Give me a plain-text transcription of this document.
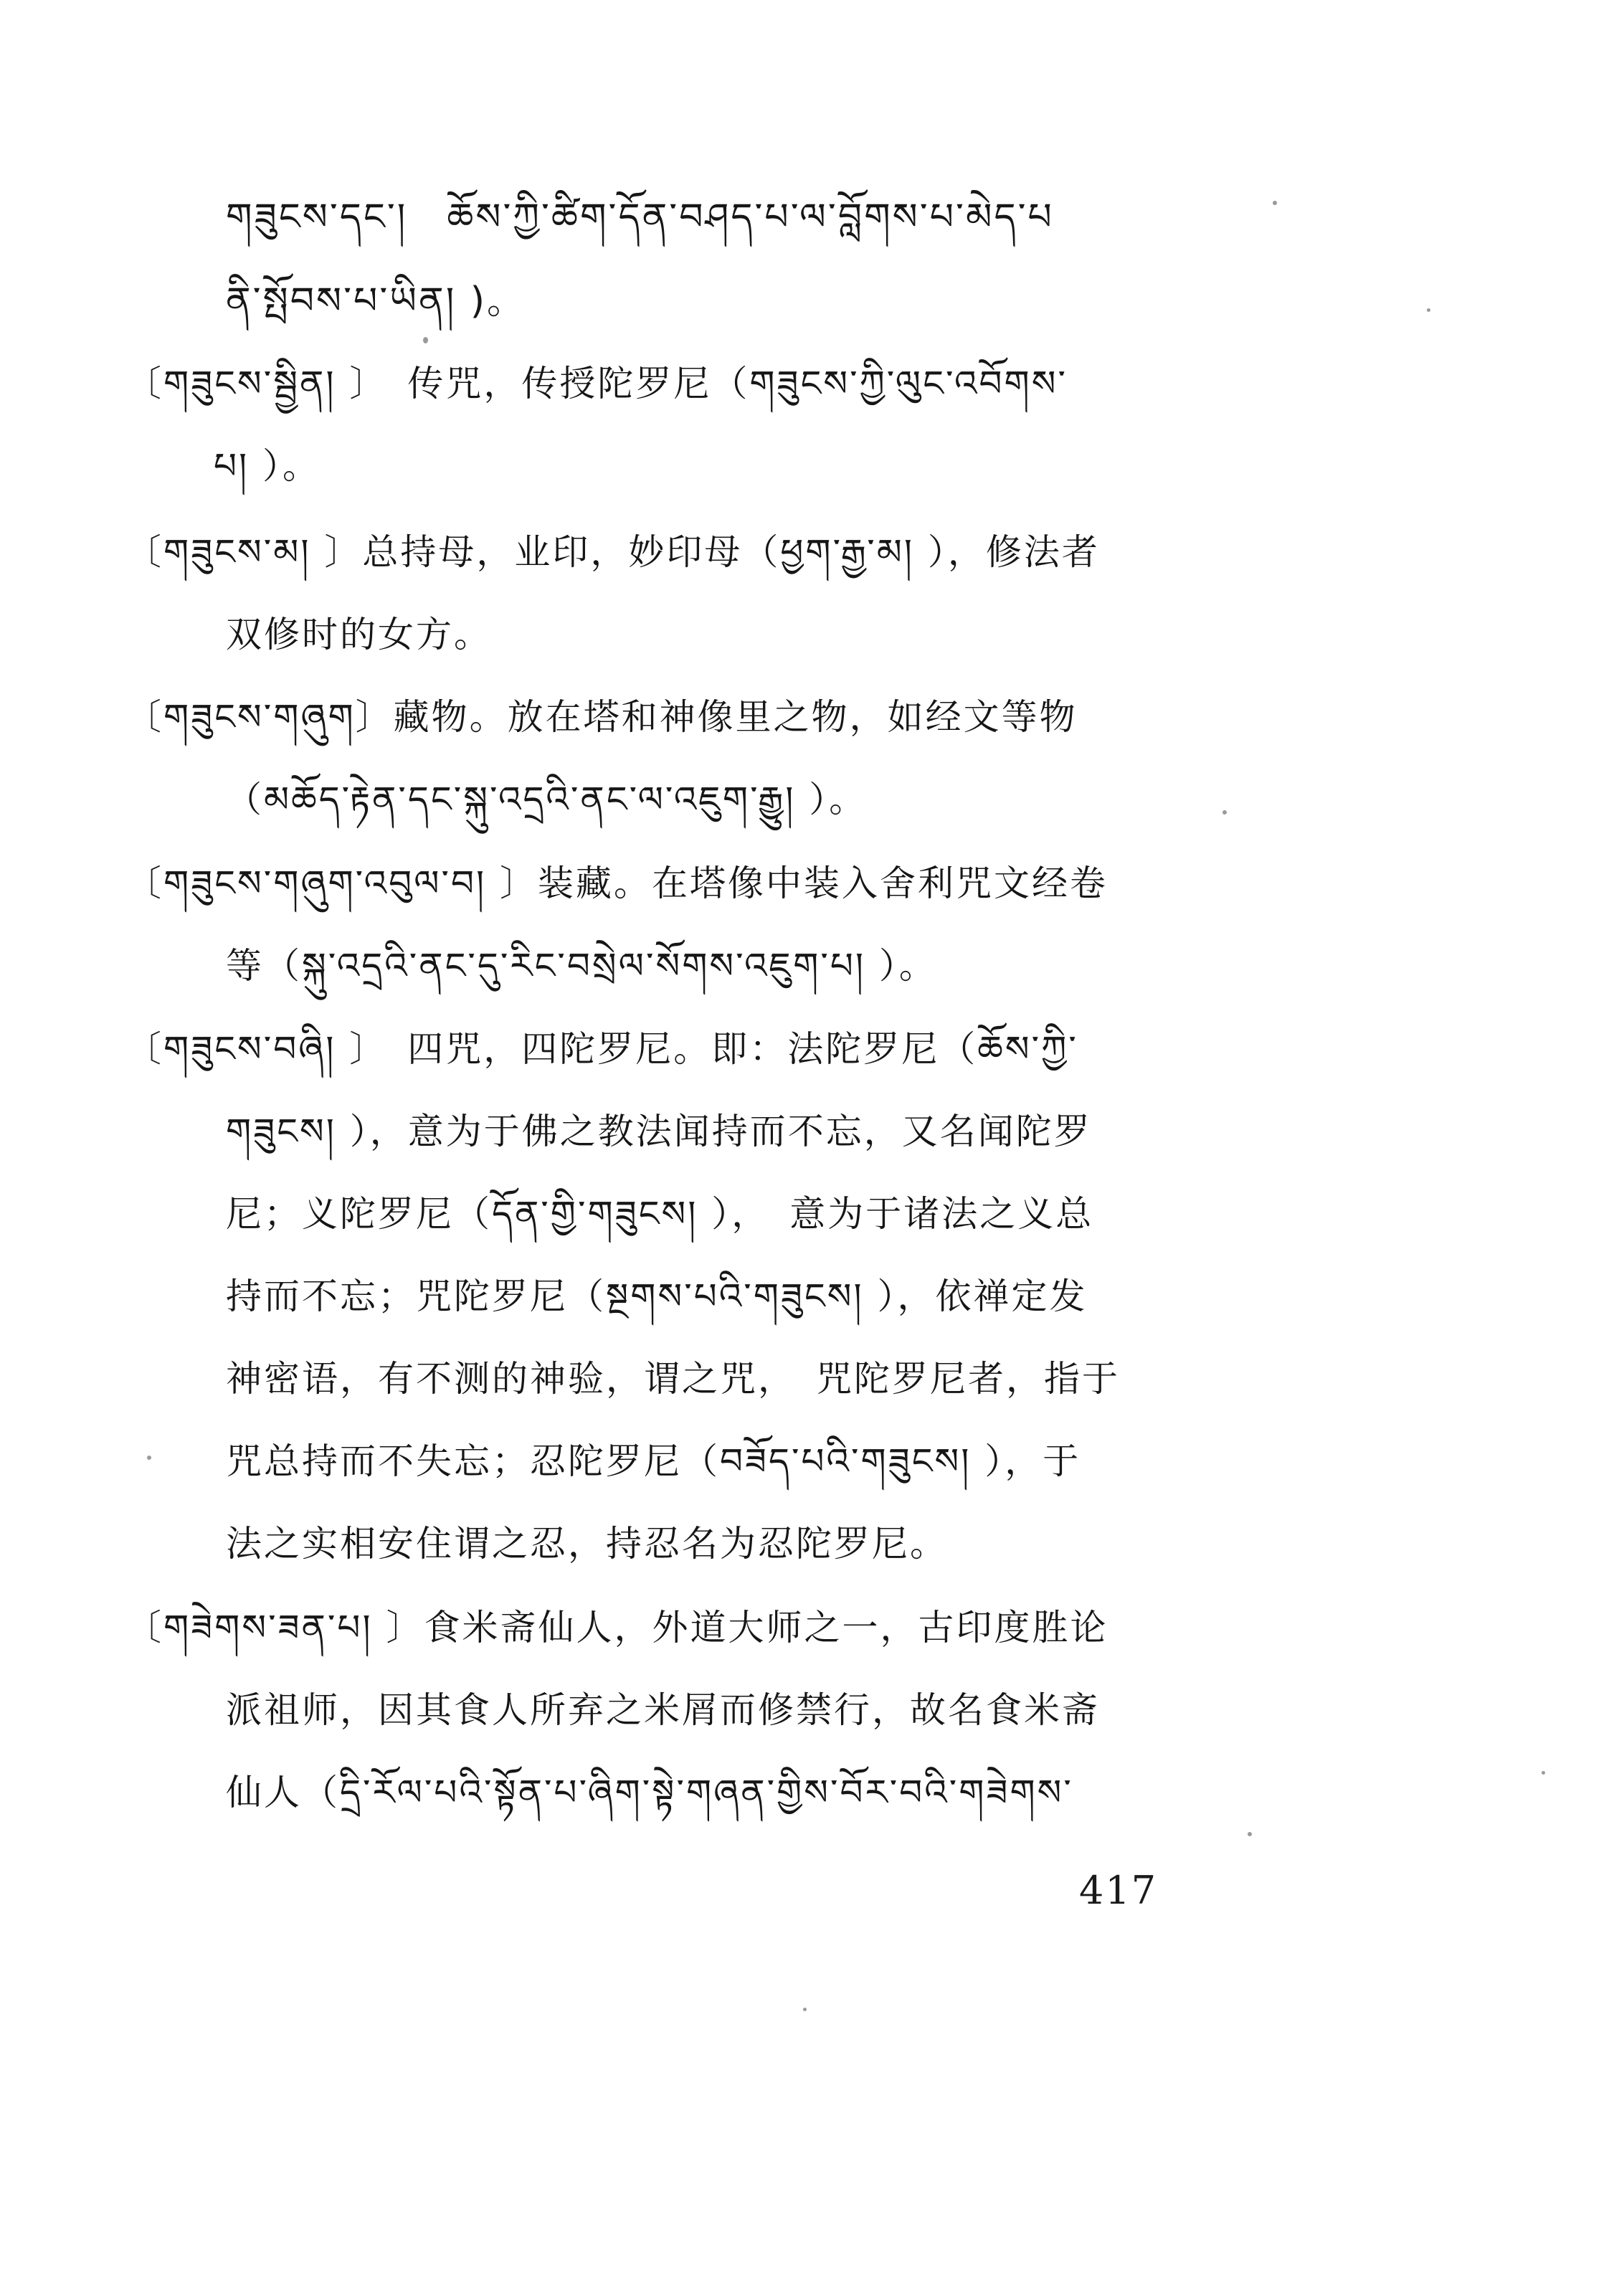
གཟུངས་དང་།　ཆོས་ཀྱི་ཚིག་དོན་བཤད་པ་ལ་བློགས་པ་མེད་པ
ནི་སྤོབས་པ་ཡིན། )。
〔གཟུངས་སྦྱིན། 〕　传咒，传授陀罗尼（གཟུངས་ཀྱི་ལུང་འབོགས་
པ། ）。
〔གཟུངས་མ། 〕总持母，业印，妙印母（ཕྱག་རྒྱ་མ། ），修法者
双修时的女方。
〔གཟུངས་གཞུག〕藏物。放在塔和神像里之物，如经文等物
（མཆོད་རྟེན་དང་སྐུ་འདྲའི་ནང་ལ་འཇུག་རྒྱུ། ）。
〔གཟུངས་གཞུག་འབུལ་བ། 〕装藏。在塔像中装入舍利咒文经卷
等（སྐུ་འདྲའི་ནང་དུ་རིང་བསྲེལ་སོགས་འཇུག་པ། ）。
〔གཟུངས་བཞི། 〕　四咒，四陀罗尼。即：法陀罗尼（ཆོས་ཀྱི་
གཟུངས། ），意为于佛之教法闻持而不忘，又名闻陀罗
尼；义陀罗尼（དོན་གྱི་གཟུངས། ），　意为于诸法之义总
持而不忘；咒陀罗尼（སྔགས་པའི་གཟུངས། ），依禅定发
神密语，有不测的神验，谓之咒，　咒陀罗尼者，指于
咒总持而不失忘；忍陀罗尼（བཟོད་པའི་གཟུངས། ），于
法之实相安住谓之忍，持忍名为忍陀罗尼。
〔གཟེགས་ཟན་པ། 〕食米斋仙人，外道大师之一，古印度胜论
派祖师，因其食人所弃之米屑而修禁行，故名食米斋
仙人（དྲི་རོལ་པའི་སྟོན་པ་ཞིག་སྟེ་གཞན་གྱིས་བོར་བའི་གཟེགས་
417
